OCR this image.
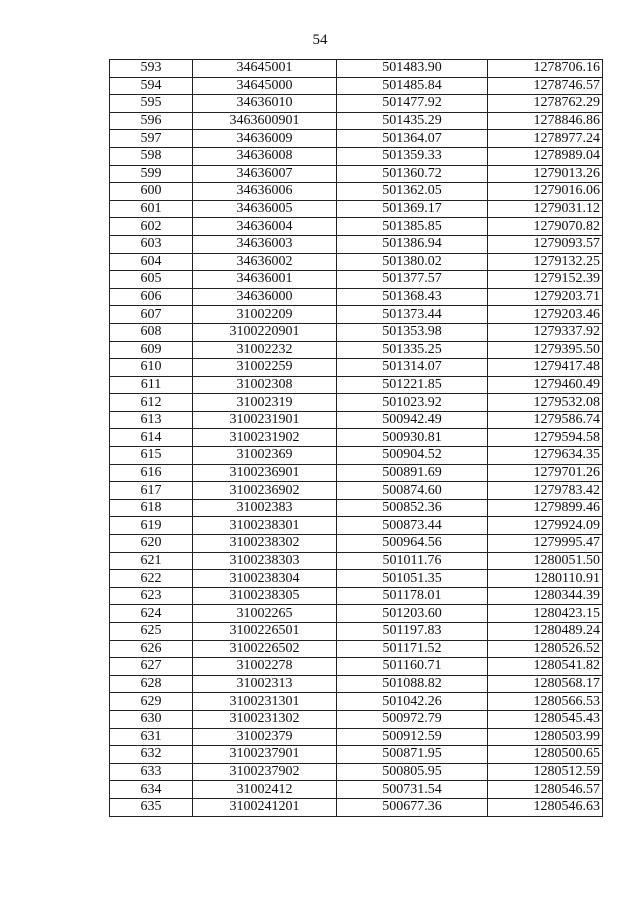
54
593	34645001	501483.90	1278706.16
594	34645000	501485.84	1278746.57
595	34636010	501477.92	1278762.29
596	3463600901	501435.29	1278846.86
597	34636009	501364.07	1278977.24
598	34636008	501359.33	1278989.04
599	34636007	501360.72	1279013.26
600	34636006	501362.05	1279016.06
601	34636005	501369.17	1279031.12
602	34636004	501385.85	1279070.82
603	34636003	501386.94	1279093.57
604	34636002	501380.02	1279132.25
605	34636001	501377.57	1279152.39
606	34636000	501368.43	1279203.71
607	31002209	501373.44	1279203.46
608	3100220901	501353.98	1279337.92
609	31002232	501335.25	1279395.50
610	31002259	501314.07	1279417.48
611	31002308	501221.85	1279460.49
612	31002319	501023.92	1279532.08
613	3100231901	500942.49	1279586.74
614	3100231902	500930.81	1279594.58
615	31002369	500904.52	1279634.35
616	3100236901	500891.69	1279701.26
617	3100236902	500874.60	1279783.42
618	31002383	500852.36	1279899.46
619	3100238301	500873.44	1279924.09
620	3100238302	500964.56	1279995.47
621	3100238303	501011.76	1280051.50
622	3100238304	501051.35	1280110.91
623	3100238305	501178.01	1280344.39
624	31002265	501203.60	1280423.15
625	3100226501	501197.83	1280489.24
626	3100226502	501171.52	1280526.52
627	31002278	501160.71	1280541.82
628	31002313	501088.82	1280568.17
629	3100231301	501042.26	1280566.53
630	3100231302	500972.79	1280545.43
631	31002379	500912.59	1280503.99
632	3100237901	500871.95	1280500.65
633	3100237902	500805.95	1280512.59
634	31002412	500731.54	1280546.57
635	3100241201	500677.36	1280546.63
